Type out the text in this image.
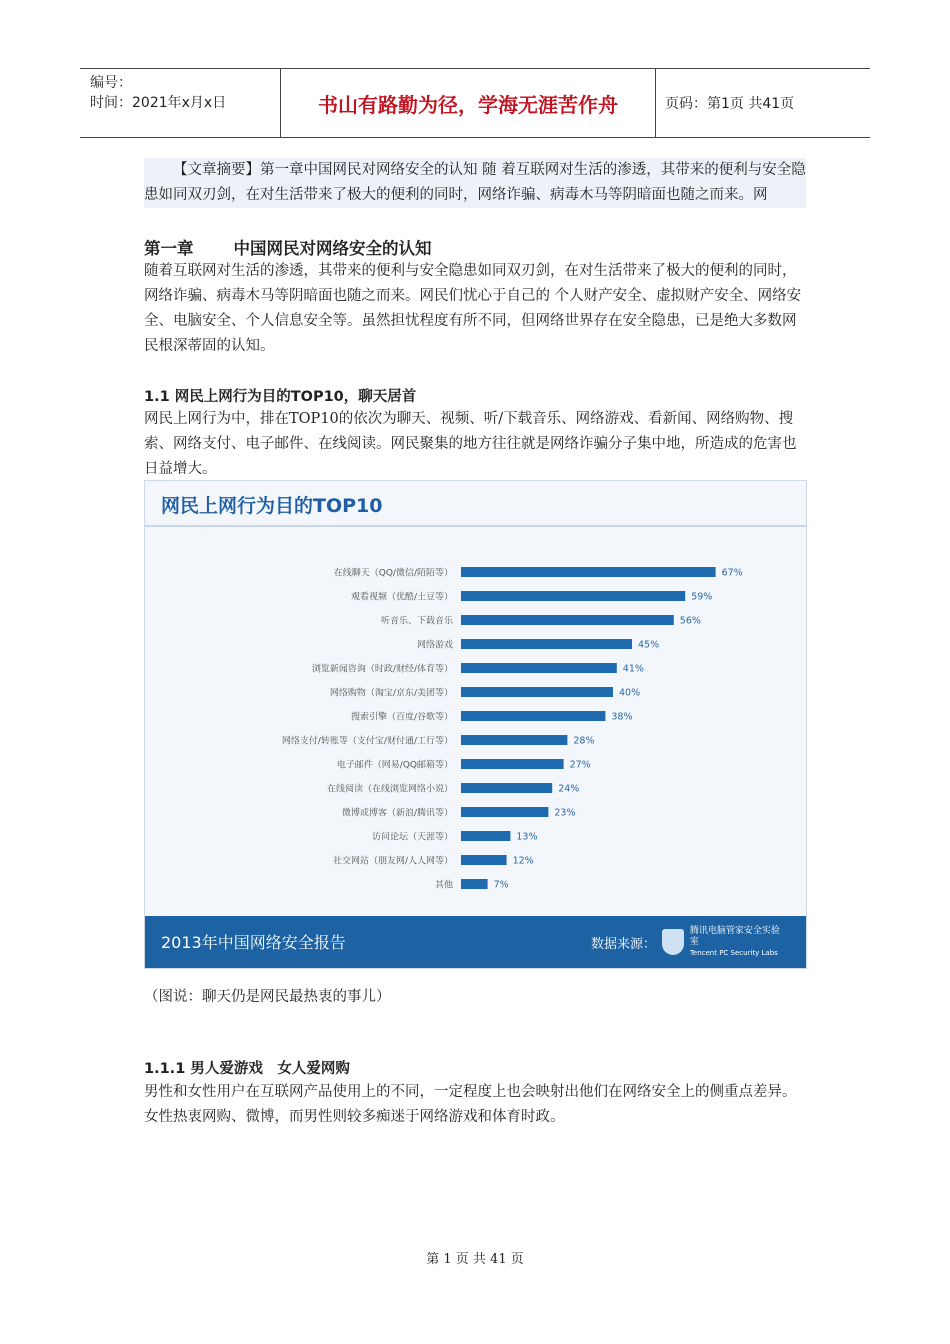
编号：
时间：2021年x月x日	书山有路勤为径，学海无涯苦作舟	页码：第1页 共41页

【文章摘要】第一章中国网民对网络安全的认知 随 着互联网对生活的渗透，其带来的便利与安全隐患如同双刃剑，在对生活带来了极大的便利的同时，网络诈骗、病毒木马等阴暗面也随之而来。网

第一章 中国网民对网络安全的认知

随着互联网对生活的渗透，其带来的便利与安全隐患如同双刃剑，在对生活带来了极大的便利的同时，网络诈骗、病毒木马等阴暗面也随之而来。网民们忧心于自己的 个人财产安全、虚拟财产安全、网络安全、电脑安全、个人信息安全等。虽然担忧程度有所不同，但网络世界存在安全隐患，已是绝大多数网民根深蒂固的认知。

1.1 网民上网行为目的TOP10，聊天居首

网民上网行为中，排在TOP10的依次为聊天、视频、听/下载音乐、网络游戏、看新闻、网络购物、搜索、网络支付、电子邮件、在线阅读。网民聚集的地方往往就是网络诈骗分子集中地，所造成的危害也日益增大。

网民上网行为目的TOP10
在线聊天（QQ/微信/陌陌等）	67%
观看视频（优酷/土豆等）	59%
听音乐、下载音乐	56%
网络游戏	45%
浏览新闻咨询（时政/财经/体育等）	41%
网络购物（淘宝/京东/美团等）	40%
搜索引擎（百度/谷歌等）	38%
网络支付/转账等（支付宝/财付通/工行等）	28%
电子邮件（网易/QQ邮箱等）	27%
在线阅读（在线浏览网络小说）	24%
微博或博客（新浪/腾讯等）	23%
访问论坛（天涯等）	13%
社交网站（朋友网/人人网等）	12%
其他	7%
2013年中国网络安全报告	数据来源：
腾讯电脑管家安全实验室
Tencent PC Security Labs
（图说：聊天仍是网民最热衷的事儿）
1.1.1 男人爱游戏　女人爱网购

男性和女性用户在互联网产品使用上的不同，一定程度上也会映射出他们在网络安全上的侧重点差异。女性热衷网购、微博，而男性则较多痴迷于网络游戏和体育时政。

第 1 页 共 41 页
